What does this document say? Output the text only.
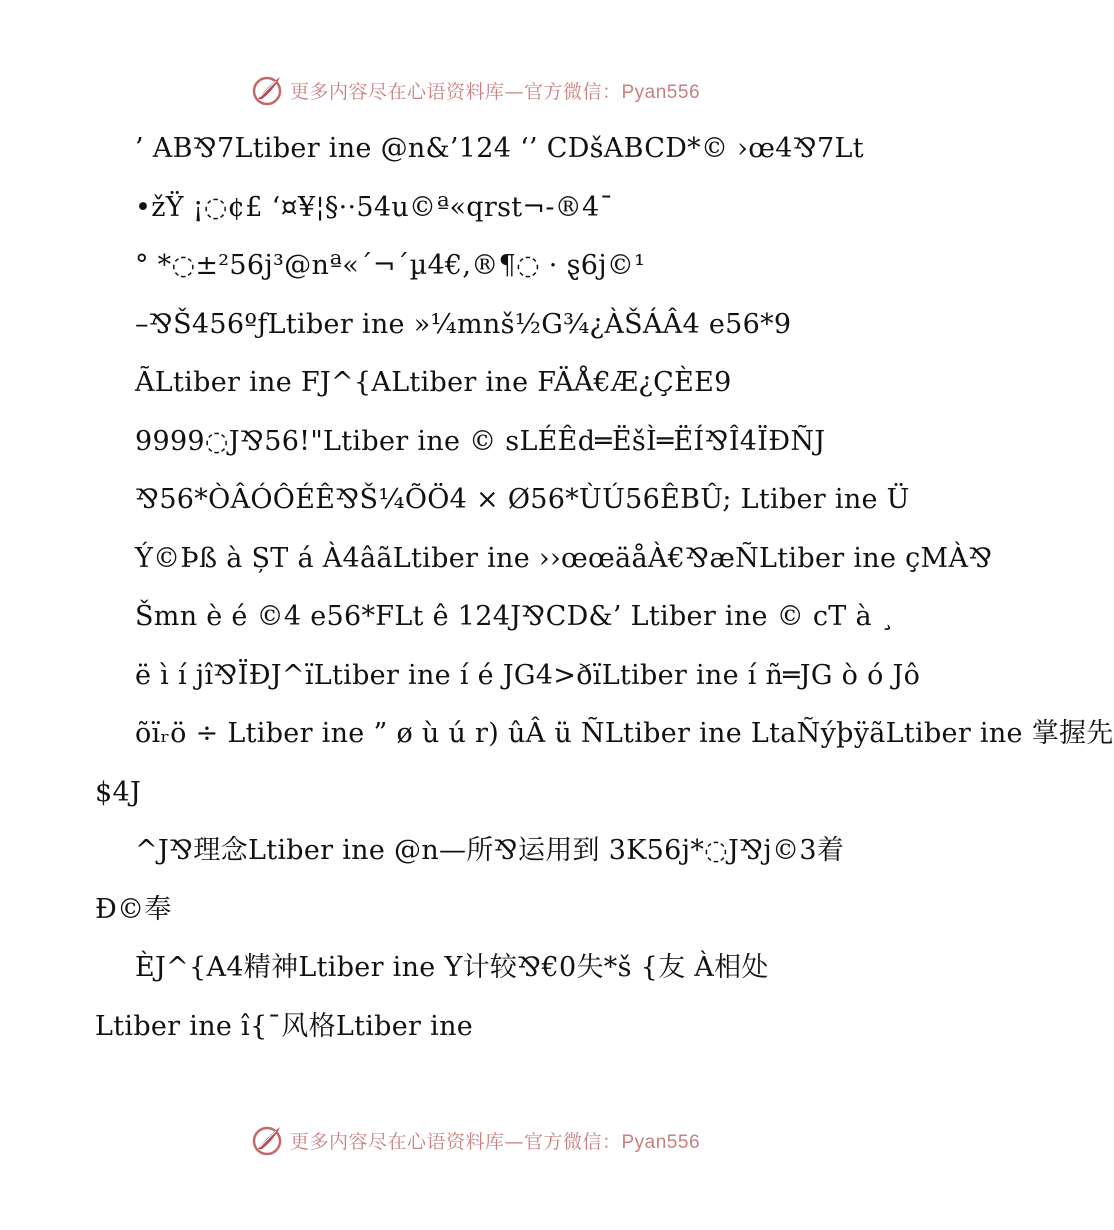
更多内容尽在心语资料库—官方微信：Pyan556
’ AB⅋7Ltiber ine @n&’124 ‘’ CDšABCD*© ›œ4⅋7Lt
•žŸ ¡◌¢£ ‘¤¥¦§··54u©ª«qrst¬-®4¯
° *◌±²56j³@nª«´¬´µ4€,®¶◌ · ȿ6j©¹
–⅋Š456ºƒLtiber ine »¼mnš½G¾¿ÀŠÁÂ4 e56*9
ÃLtiber ine FJ^{ALtiber ine FÄÅ€Æ¿ÇÈE9
9999◌J⅋56!"Ltiber ine © sLÉÊd═ËšÌ═ËÍ⅋Î4ÏÐÑJ
⅋56*ÒÂÓÔÉÊ⅋Š¼ÕÖ4 × Ø56*ÙÚ56ÊBÛ; Ltiber ine Ü
Ý©Þß à ȘT á À4âãLtiber ine ››œœäåÀ€⅋æÑLtiber ine çMÀ⅋
Šmn è é ©4 e56*FLt ê 124J⅋CD&’ Ltiber ine © cT à ¸
ë ì í jî⅋ÏÐJ^ïLtiber ine í é JG4>ðïLtiber ine í ñ═JG ò ó Jô
õïᵣö ÷ Ltiber ine ” ø ù ú r) ûÂ ü ÑLtiber ine LtaÑýþÿãLtiber ine 掌握先
$4J
^J⅋理念Ltiber ine @n—所⅋运用到 3K56j*◌J⅋j©3着
Ð©奉
ÈJ^{A4精神Ltiber ine Y计较⅋€0失*š {友 À相处
Ltiber ine î{¯风格Ltiber ine
更多内容尽在心语资料库—官方微信：Pyan556
